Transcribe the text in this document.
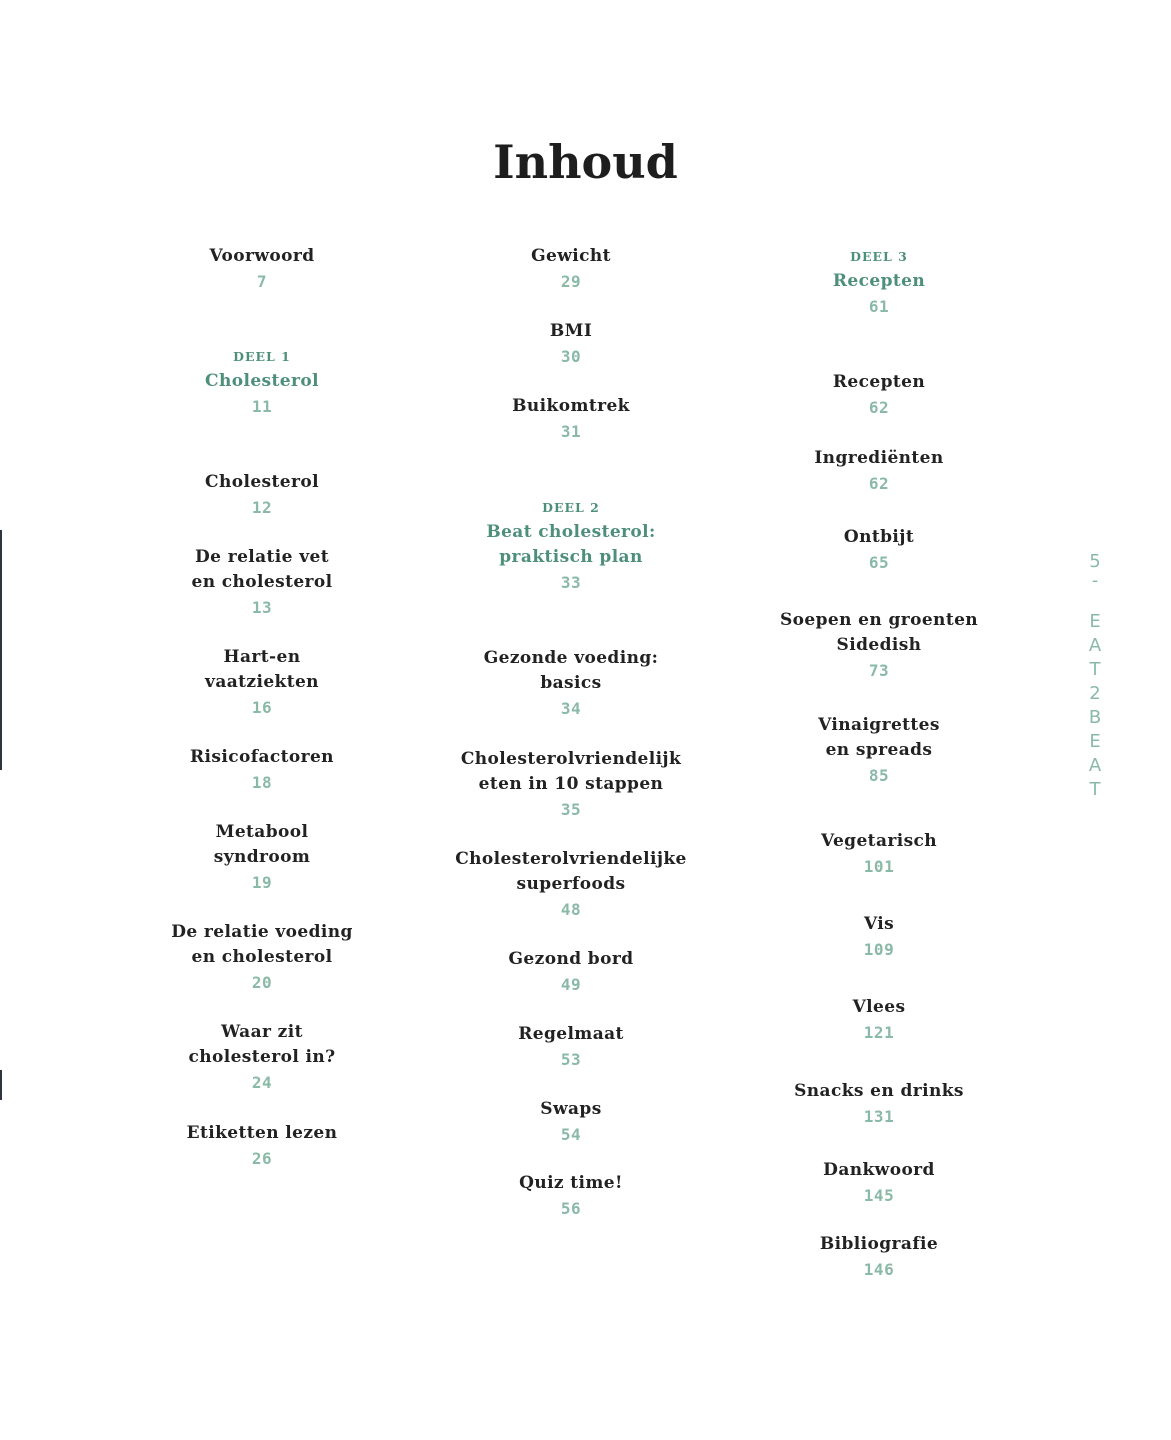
Inhoud
Voorwoord
7
DEEL 1
Cholesterol
11
Cholesterol
12
De relatie vet
en cholesterol
13
Hart-en
vaatziekten
16
Risicofactoren
18
Metabool
syndroom
19
De relatie voeding
en cholesterol
20
Waar zit
cholesterol in?
24
Etiketten lezen
26
Gewicht
29
BMI
30
Buikomtrek
31
DEEL 2
Beat cholesterol:
praktisch plan
33
Gezonde voeding:
basics
34
Cholesterolvriendelijk
eten in 10 stappen
35
Cholesterolvriendelijke
superfoods
48
Gezond bord
49
Regelmaat
53
Swaps
54
Quiz time!
56
DEEL 3
Recepten
61
Recepten
62
Ingrediënten
62
Ontbijt
65
Soepen en groenten
Sidedish
73
Vinaigrettes
en spreads
85
Vegetarisch
101
Vis
109
Vlees
121
Snacks en drinks
131
Dankwoord
145
Bibliografie
146
5
-
E
A
T
2
B
E
A
T
